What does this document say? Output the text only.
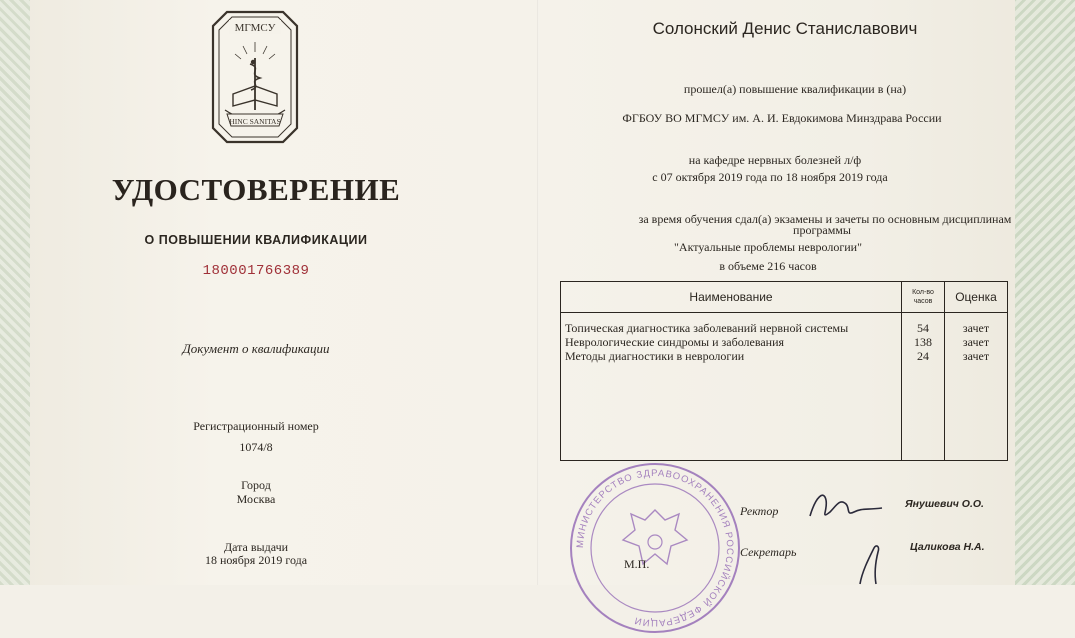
МГМСУ
HINC SANITAS
УДОСТОВЕРЕНИЕ
О ПОВЫШЕНИИ КВАЛИФИКАЦИИ
180001766389
Документ о квалификации
Регистрационный номер
1074/8
Город
Москва
Дата выдачи
18 ноября 2019 года
Солонский Денис Станиславович
прошел(а) повышение квалификации в (на)
ФГБОУ ВО МГМСУ им. А. И. Евдокимова Минздрава России
на кафедре нервных болезней л/ф
с 07 октября 2019 года по 18 ноября 2019 года
за время обучения сдал(а) экзамены и зачеты по основным дисциплинам
программы
"Актуальные проблемы неврологии"
в объеме 216 часов
Наименование	Кол-во часов	Оценка
Топическая диагностика заболеваний нервной системы	54	зачет
Неврологические синдромы и заболевания	138	зачет
Методы диагностики в неврологии	24	зачет

МИНИСТЕРСТВО ЗДРАВООХРАНЕНИЯ РОССИЙСКОЙ ФЕДЕРАЦИИ
М.П.
Ректор	Янушевич О.О.
Секретарь	Цаликова Н.А.
